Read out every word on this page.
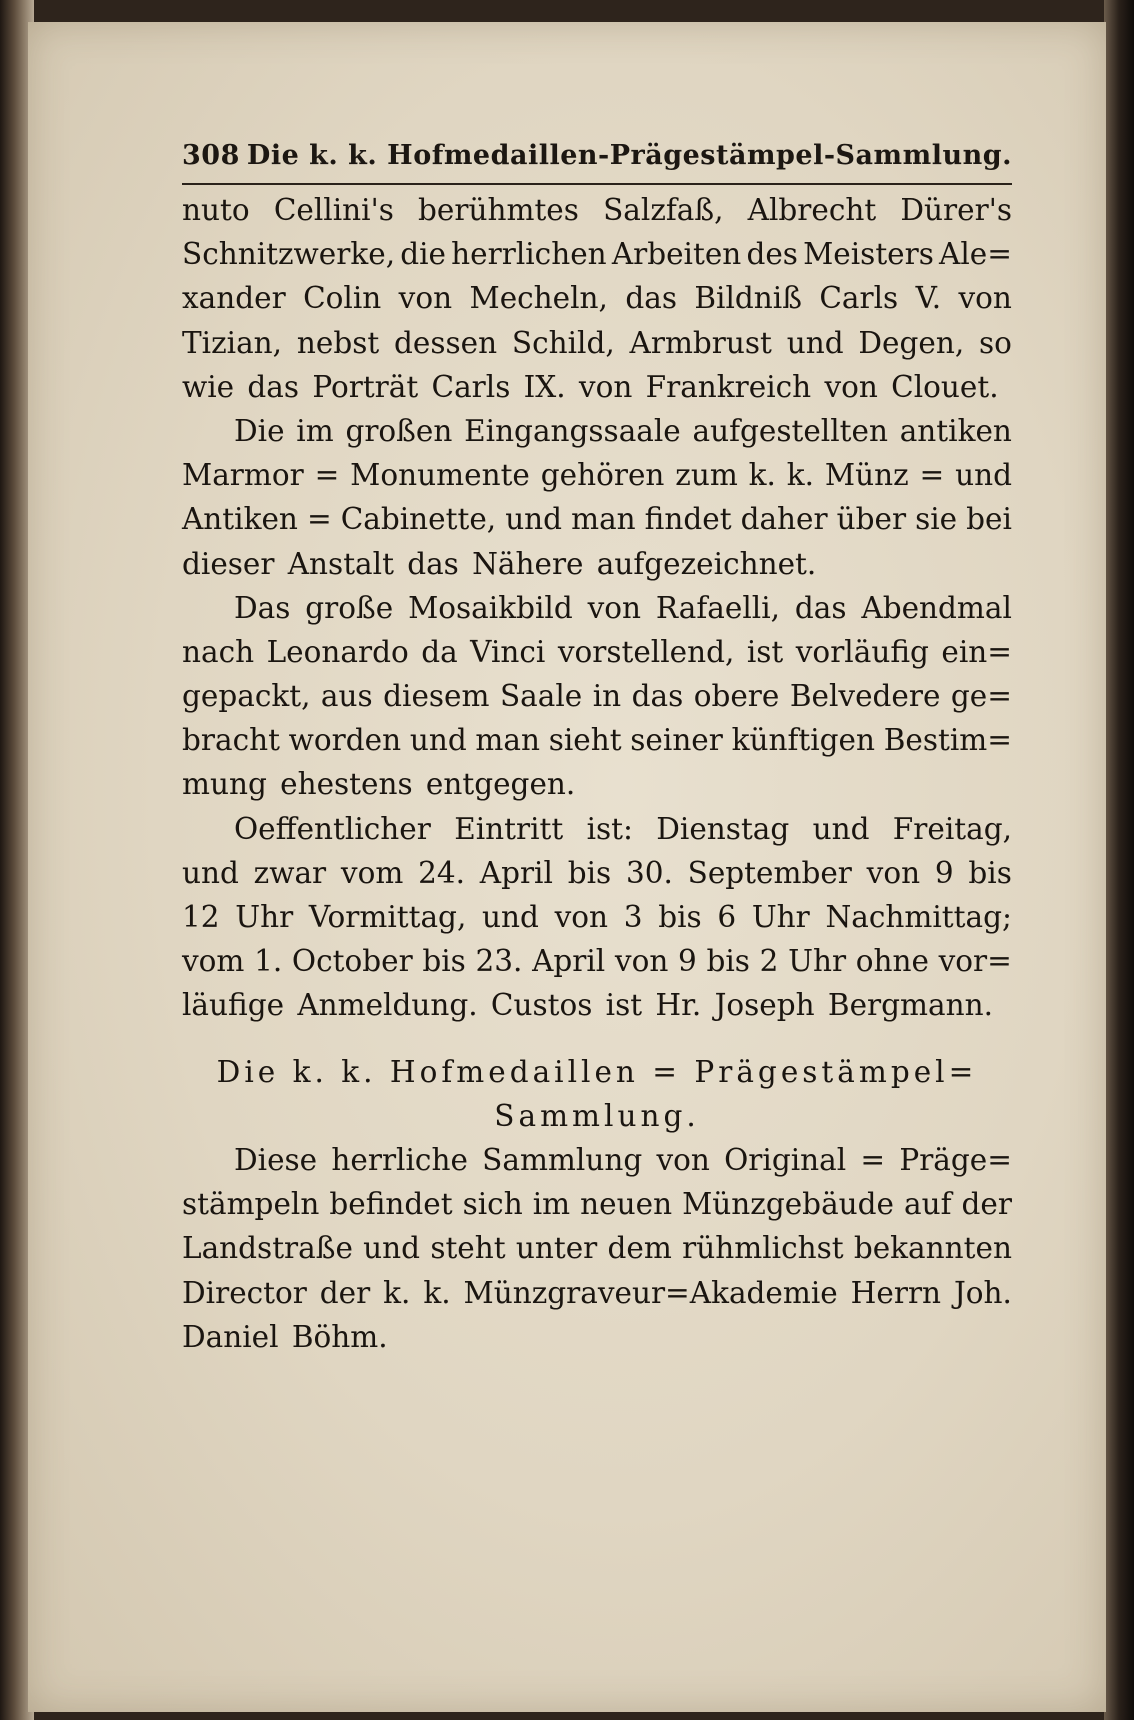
308 Die k. k. Hofmedaillen-Prägestämpel-Sammlung.
nuto Cellini's berühmtes Salzfaß, Albrecht Dürer's
Schnitzwerke, die herrlichen Arbeiten des Meisters Ale=
xander Colin von Mecheln, das Bildniß Carls V. von
Tizian, nebst dessen Schild, Armbrust und Degen, so
wie das Porträt Carls IX. von Frankreich von Clouet.
Die im großen Eingangssaale aufgestellten antiken
Marmor = Monumente gehören zum k. k. Münz = und
Antiken = Cabinette, und man findet daher über sie bei
dieser Anstalt das Nähere aufgezeichnet.
Das große Mosaikbild von Rafaelli, das Abendmal
nach Leonardo da Vinci vorstellend, ist vorläufig ein=
gepackt, aus diesem Saale in das obere Belvedere ge=
bracht worden und man sieht seiner künftigen Bestim=
mung ehestens entgegen.
Oeffentlicher Eintritt ist: Dienstag und Freitag,
und zwar vom 24. April bis 30. September von 9 bis
12 Uhr Vormittag, und von 3 bis 6 Uhr Nachmittag;
vom 1. October bis 23. April von 9 bis 2 Uhr ohne vor=
läufige Anmeldung. Custos ist Hr. Joseph Bergmann.
Die k. k. Hofmedaillen = Prägestämpel=
Sammlung.
Diese herrliche Sammlung von Original = Präge=
stämpeln befindet sich im neuen Münzgebäude auf der
Landstraße und steht unter dem rühmlichst bekannten
Director der k. k. Münzgraveur=Akademie Herrn Joh.
Daniel Böhm.
